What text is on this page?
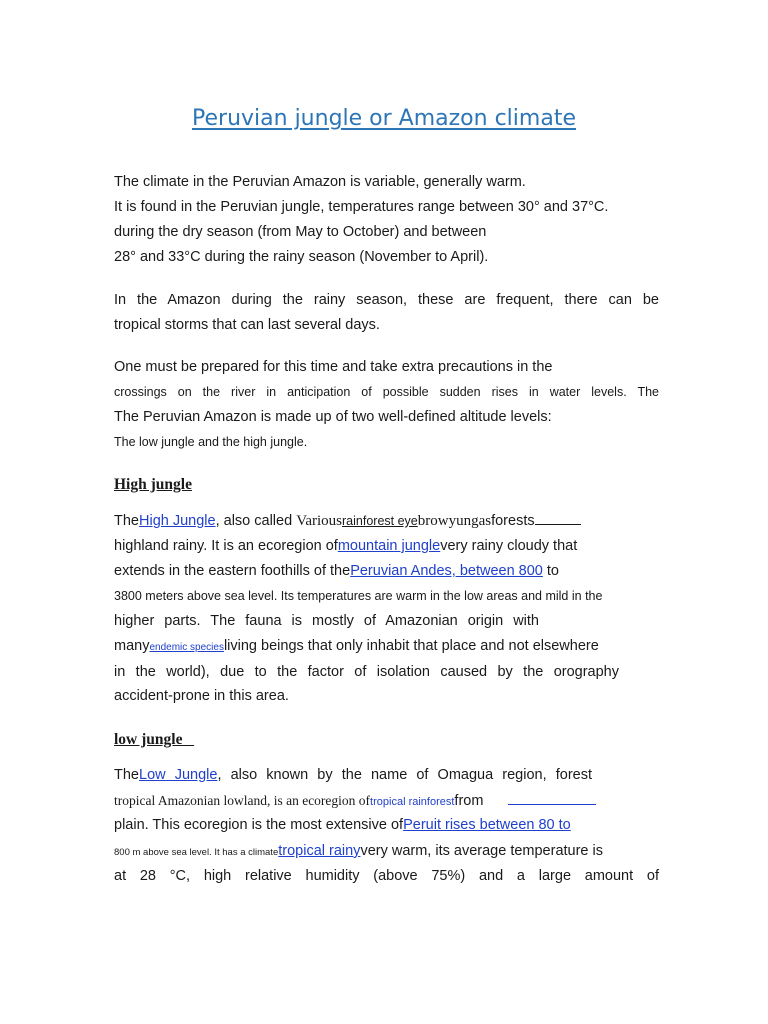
Peruvian jungle or Amazon climate

The climate in the Peruvian Amazon is variable, generally warm.

It is found in the Peruvian jungle, temperatures range between 30° and 37°C.

during the dry season (from May to October) and between

28° and 33°C during the rainy season (November to April).

In the Amazon during the rainy season, these are frequent, there can be

tropical storms that can last several days.

One must be prepared for this time and take extra precautions in the

crossings on the river in anticipation of possible sudden rises in water levels. The

The Peruvian Amazon is made up of two well-defined altitude levels:

The low jungle and the high jungle.

High jungle

TheHigh Jungle, also called Variousrainforest eyebrowyungasforests

highland rainy. It is an ecoregion ofmountain junglevery rainy cloudy that

extends in the eastern foothills of thePeruvian Andes, between 800 to

3800 meters above sea level. Its temperatures are warm in the low areas and mild in the

higher parts. The fauna is mostly of Amazonian origin with

manyendemic speciesliving beings that only inhabit that place and not elsewhere

in the world), due to the factor of isolation caused by the orography

accident-prone in this area.

low jungle

TheLow Jungle, also known by the name of Omagua region, forest

tropical Amazonian lowland, is an ecoregion oftropical rainforestfrom

plain. This ecoregion is the most extensive ofPeruit rises between 80 to

800 m above sea level. It has a climatetropical rainyvery warm, its average temperature is

at 28 °C, high relative humidity (above 75%) and a large amount of
